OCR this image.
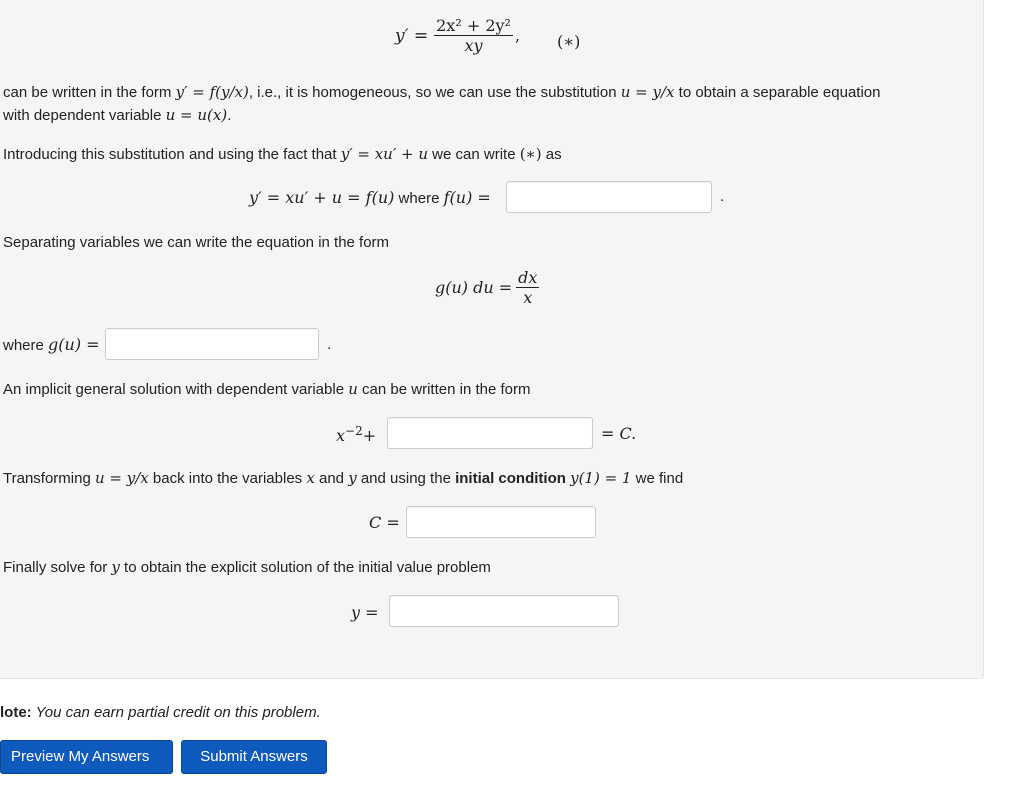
$y' = \frac{\text{2x² + 2y²}}{xy}$ , (∗)
can be written in the form y′ = f(y/x), i.e., it is homogeneous, so we can use the substitution u = y/x to obtain a separable equation
with dependent variable u = u(x).
Introducing this substitution and using the fact that y′ = xu′ + u we can write (∗) as
y′ = xu′ + u = f(u) where f(u) =	.
Separating variables we can write the equation in the form
g(u) du = $\frac{dx}{x}$
where g(u) =	.
An implicit general solution with dependent variable u can be written in the form
$x^{-2}+$	= C.
Transforming u = y/x back into the variables x and y and using the initial condition y(1) = 1 we find
C =
Finally solve for y to obtain the explicit solution of the initial value problem
y =
lote: You can earn partial credit on this problem.
Preview My Answers	Submit Answers
